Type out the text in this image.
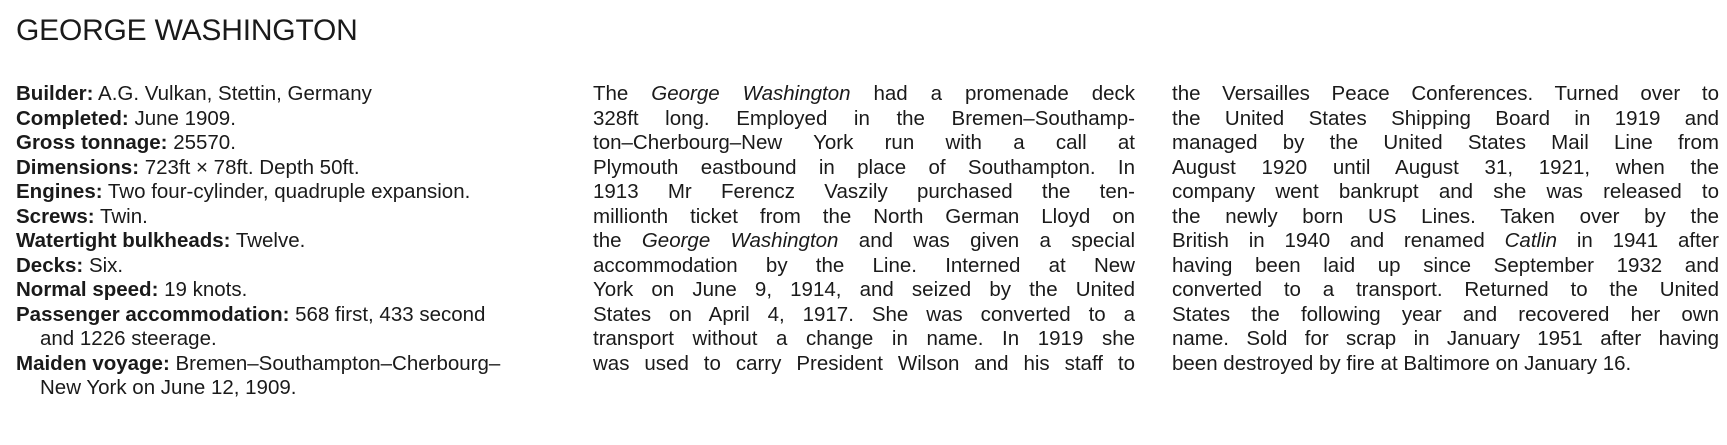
GEORGE WASHINGTON

Builder: A.G. Vulkan, Stettin, Germany

Completed: June 1909.

Gross tonnage: 25570.

Dimensions: 723ft × 78ft. Depth 50ft.

Engines: Two four-cylinder, quadruple expansion.

Screws: Twin.

Watertight bulkheads: Twelve.

Decks: Six.

Normal speed: 19 knots.

Passenger accommodation: 568 first, 433 second and 1226 steerage.

Maiden voyage: Bremen–Southampton–Cherbourg–New York on June 12, 1909.

The George Washington had a promenade deck
328ft long. Employed in the Bremen–Southamp-
ton–Cherbourg–New York run with a call at
Plymouth eastbound in place of Southampton. In
1913 Mr Ferencz Vaszily purchased the ten-
millionth ticket from the North German Lloyd on
the George Washington and was given a special
accommodation by the Line. Interned at New
York on June 9, 1914, and seized by the United
States on April 4, 1917. She was converted to a
transport without a change in name. In 1919 she
was used to carry President Wilson and his staff to
the Versailles Peace Conferences. Turned over to
the United States Shipping Board in 1919 and
managed by the United States Mail Line from
August 1920 until August 31, 1921, when the
company went bankrupt and she was released to
the newly born US Lines. Taken over by the
British in 1940 and renamed Catlin in 1941 after
having been laid up since September 1932 and
converted to a transport. Returned to the United
States the following year and recovered her own
name. Sold for scrap in January 1951 after having
been destroyed by fire at Baltimore on January 16.
